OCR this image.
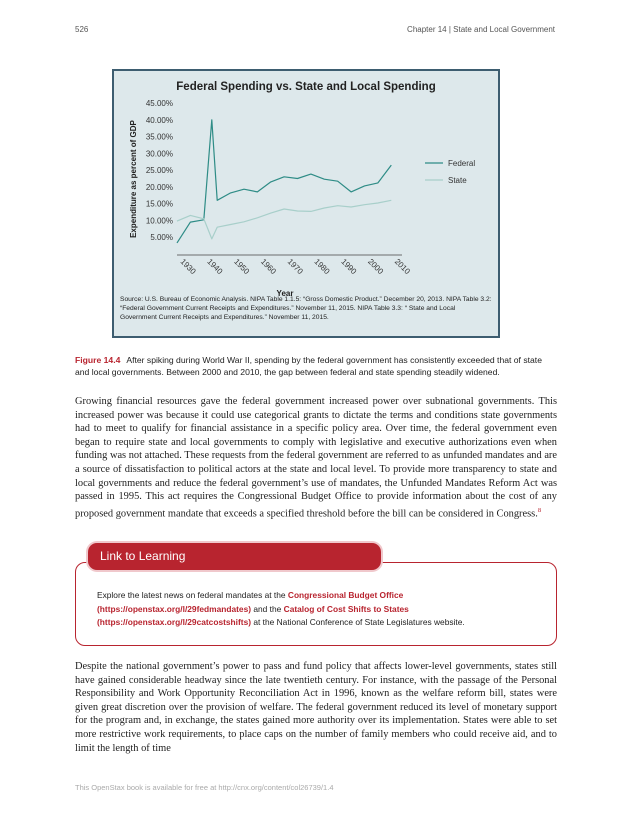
526	Chapter 14 | State and Local Government
Federal Spending vs. State and Local Spending
Expenditure as percent of GDP
Year
5.00%
10.00%
15.00%
20.00%
25.00%
30.00%
35.00%
40.00%
45.00%
1930 1940 1950 1960 1970 1980 1990 2000 2010
Federal
State
Source: U.S. Bureau of Economic Analysis. NIPA Table 1.1.5: “Gross Domestic Product.” December 20, 2013. NIPA Table 3.2: “Federal Government Current Receipts and Expenditures.” November 11, 2015. NIPA Table 3.3: “ State and Local Government Current Receipts and Expenditures.” November 11, 2015.
Figure 14.4 After spiking during World War II, spending by the federal government has consistently exceeded that of state and local governments. Between 2000 and 2010, the gap between federal and state spending steadily widened.
Growing financial resources gave the federal government increased power over subnational governments. This increased power was because it could use categorical grants to dictate the terms and conditions state governments had to meet to qualify for financial assistance in a specific policy area. Over time, the federal government even began to require state and local governments to comply with legislative and executive authorizations even when funding was not attached. These requests from the federal government are referred to as unfunded mandates and are a source of dissatisfaction to political actors at the state and local level. To provide more transparency to state and local governments and reduce the federal government’s use of mandates, the Unfunded Mandates Reform Act was passed in 1995. This act requires the Congressional Budget Office to provide information about the cost of any proposed government mandate that exceeds a specified threshold before the bill can be considered in Congress.$^8$
Link to Learning
Explore the latest news on federal mandates at the Congressional Budget Office (https://openstax.org/l/29fedmandates) and the Catalog of Cost Shifts to States (https://openstax.org/l/29catcostshifts) at the National Conference of State Legislatures website.
Despite the national government’s power to pass and fund policy that affects lower-level governments, states still have gained considerable headway since the late twentieth century. For instance, with the passage of the Personal Responsibility and Work Opportunity Reconciliation Act in 1996, known as the welfare reform bill, states were given great discretion over the provision of welfare. The federal government reduced its level of monetary support for the program and, in exchange, the states gained more authority over its implementation. States were able to set more restrictive work requirements, to place caps on the number of family members who could receive aid, and to limit the length of time
This OpenStax book is available for free at http://cnx.org/content/col26739/1.4
